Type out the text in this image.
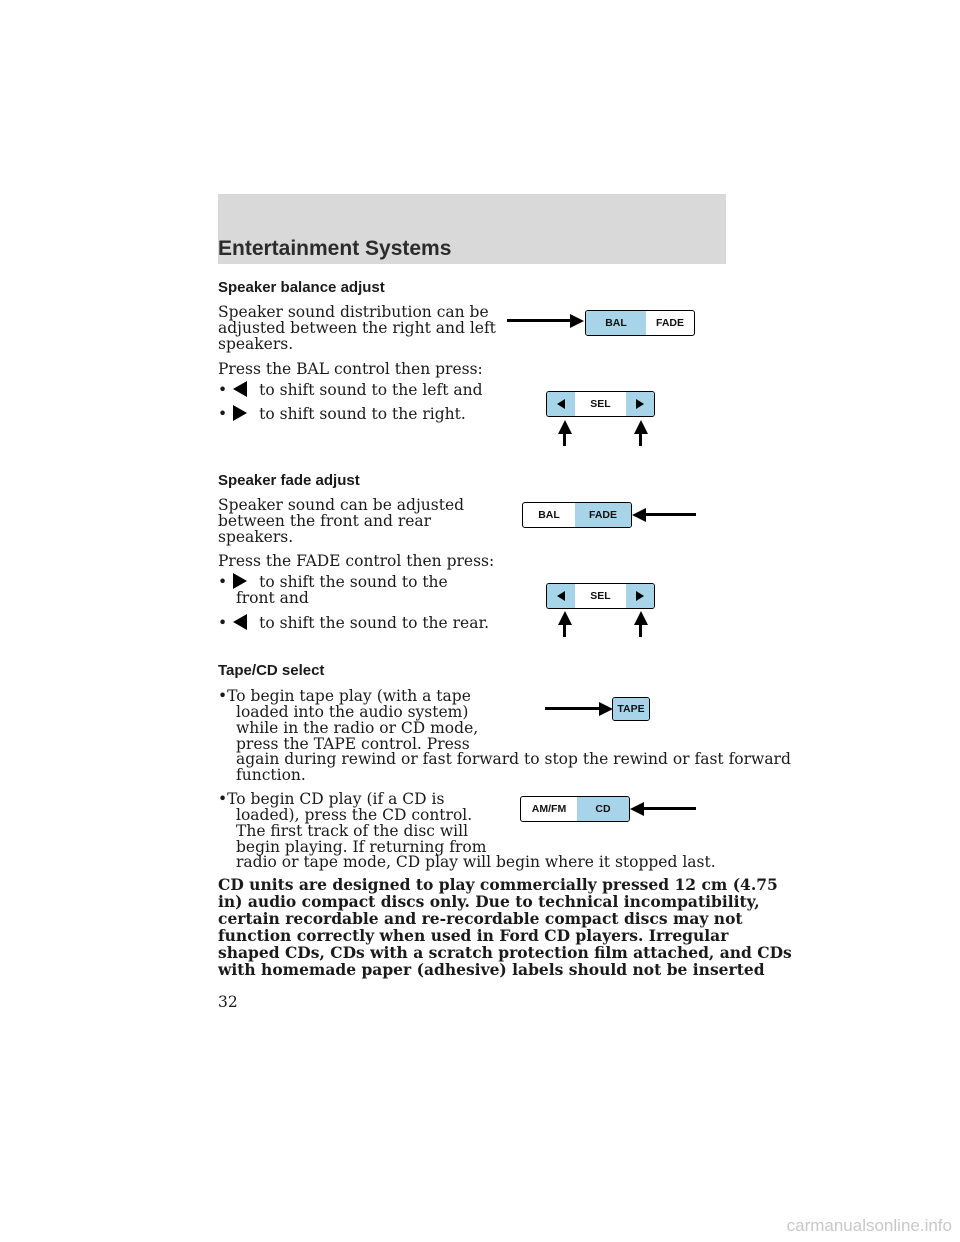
Entertainment Systems
Speaker balance adjust
Speaker sound distribution can be
adjusted between the right and left
speakers.
Press the BAL control then press:
• to shift sound to the left and
• to shift sound to the right.
Speaker fade adjust
Speaker sound can be adjusted
between the front and rear
speakers.
Press the FADE control then press:
• to shift the sound to the
front and
• to shift the sound to the rear.
Tape/CD select
•To begin tape play (with a tape
loaded into the audio system)
while in the radio or CD mode,
press the TAPE control. Press
again during rewind or fast forward to stop the rewind or fast forward
function.
•To begin CD play (if a CD is
loaded), press the CD control.
The first track of the disc will
begin playing. If returning from
radio or tape mode, CD play will begin where it stopped last.
CD units are designed to play commercially pressed 12 cm (4.75
in) audio compact discs only. Due to technical incompatibility,
certain recordable and re-recordable compact discs may not
function correctly when used in Ford CD players. Irregular
shaped CDs, CDs with a scratch protection film attached, and CDs
with homemade paper (adhesive) labels should not be inserted
32
BAL	FADE
SEL
BAL	FADE
SEL
TAPE
AM/FM	CD
carmanualsonline.info
